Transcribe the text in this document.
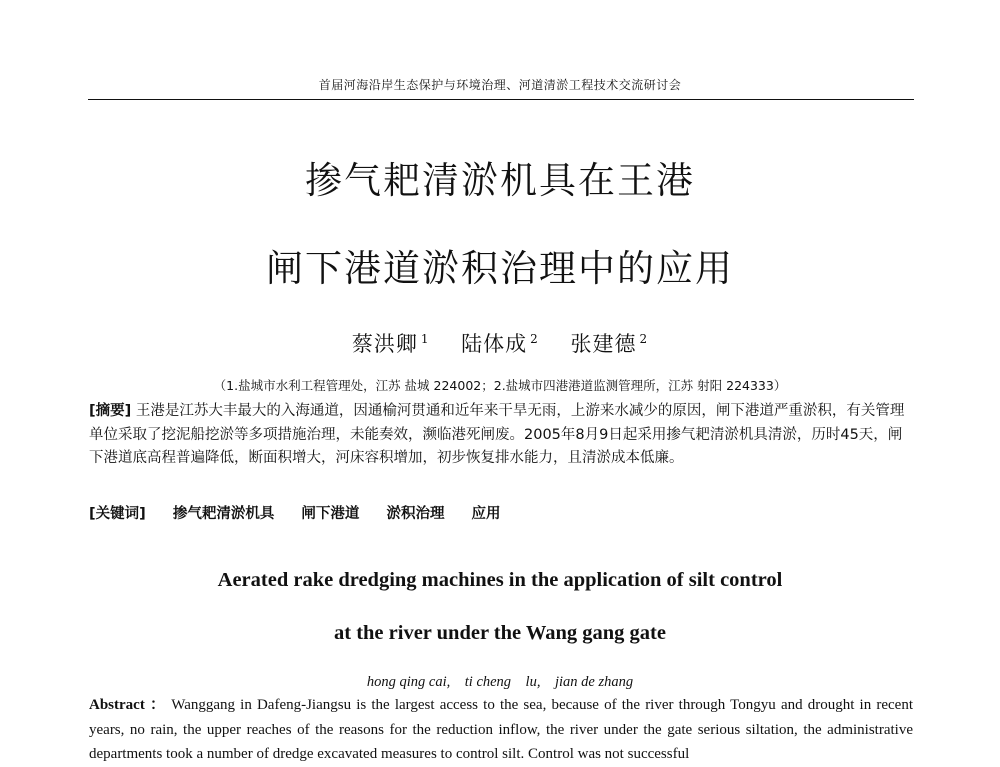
首届河海沿岸生态保护与环境治理、河道清淤工程技术交流研讨会
掺气耙清淤机具在王港
闸下港道淤积治理中的应用
蔡洪卿 $^1$ 陆体成 $^2$ 张建德 $^2$
（1.盐城市水利工程管理处，江苏 盐城 224002；2.盐城市四港港道监测管理所，江苏 射阳 224333）
[摘要] 王港是江苏大丰最大的入海通道，因通榆河贯通和近年来干旱无雨，上游来水减少的原因，闸下港道严重淤积，有关管理单位采取了挖泥船挖淤等多项措施治理，未能奏效，濒临港死闸废。2005年8月9日起采用掺气耙清淤机具清淤，历时45天，闸下港道底高程普遍降低，断面积增大，河床容积增加，初步恢复排水能力，且清淤成本低廉。
[关键词] 掺气耙清淤机具 闸下港道 淤积治理 应用
Aerated rake dredging machines in the application of silt control
at the river under the Wang gang gate
hong qing cai,　ti cheng　lu,　jian de zhang
Abstract ： Wanggang in Dafeng-Jiangsu is the largest access to the sea, because of the river through Tongyu and drought in recent years, no rain, the upper reaches of the reasons for the reduction inflow, the river under the gate serious siltation, the administrative departments took a number of dredge excavated measures to control silt. Control was not successful
